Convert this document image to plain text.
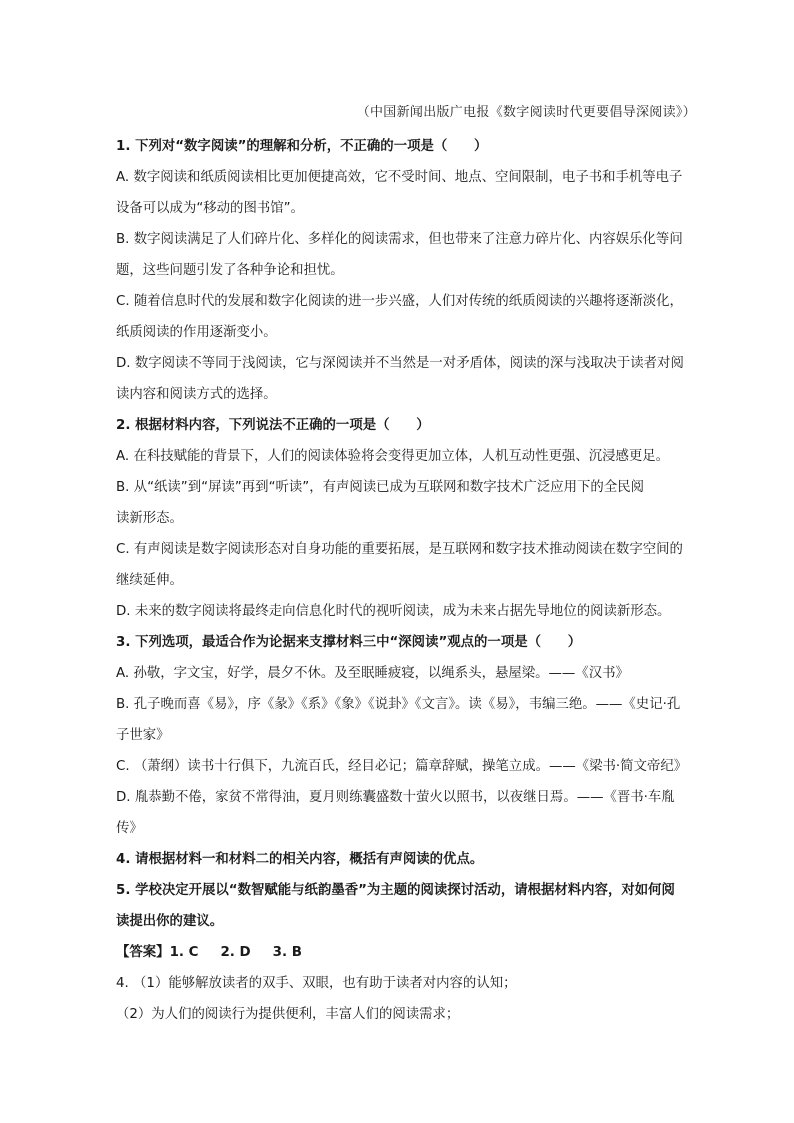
（中国新闻出版广电报《数字阅读时代更要倡导深阅读》）
1. 下列对“数字阅读”的理解和分析，不正确的一项是（　　）
A. 数字阅读和纸质阅读相比更加便捷高效，它不受时间、地点、空间限制，电子书和手机等电子
设备可以成为“移动的图书馆”。
B. 数字阅读满足了人们碎片化、多样化的阅读需求，但也带来了注意力碎片化、内容娱乐化等问
题，这些问题引发了各种争论和担忧。
C. 随着信息时代的发展和数字化阅读的进一步兴盛，人们对传统的纸质阅读的兴趣将逐渐淡化，
纸质阅读的作用逐渐变小。
D. 数字阅读不等同于浅阅读，它与深阅读并不当然是一对矛盾体，阅读的深与浅取决于读者对阅
读内容和阅读方式的选择。
2. 根据材料内容，下列说法不正确的一项是（　　）
A. 在科技赋能的背景下，人们的阅读体验将会变得更加立体，人机互动性更强、沉浸感更足。
B. 从“纸读”到“屏读”再到“听读”，有声阅读已成为互联网和数字技术广泛应用下的全民阅
读新形态。
C. 有声阅读是数字阅读形态对自身功能的重要拓展，是互联网和数字技术推动阅读在数字空间的
继续延伸。
D. 未来的数字阅读将最终走向信息化时代的视听阅读，成为未来占据先导地位的阅读新形态。
3. 下列选项，最适合作为论据来支撑材料三中“深阅读”观点的一项是（　　）
A. 孙敬，字文宝，好学，晨夕不休。及至眠睡疲寝，以绳系头，悬屋梁。——《汉书》
B. 孔子晚而喜《易》，序《彖》《系》《象》《说卦》《文言》。读《易》，韦编三绝。——《史记·孔
子世家》
C. （萧纲）读书十行俱下，九流百氏，经目必记；篇章辞赋，操笔立成。——《梁书·简文帝纪》
D. 胤恭勤不倦，家贫不常得油，夏月则练囊盛数十萤火以照书，以夜继日焉。——《晋书·车胤
传》
4. 请根据材料一和材料二的相关内容，概括有声阅读的优点。
5. 学校决定开展以“数智赋能与纸韵墨香”为主题的阅读探讨活动，请根据材料内容，对如何阅
读提出你的建议。
【答案】1. C 2. D 3. B
4. （1）能够解放读者的双手、双眼，也有助于读者对内容的认知；
（2）为人们的阅读行为提供便利，丰富人们的阅读需求；
